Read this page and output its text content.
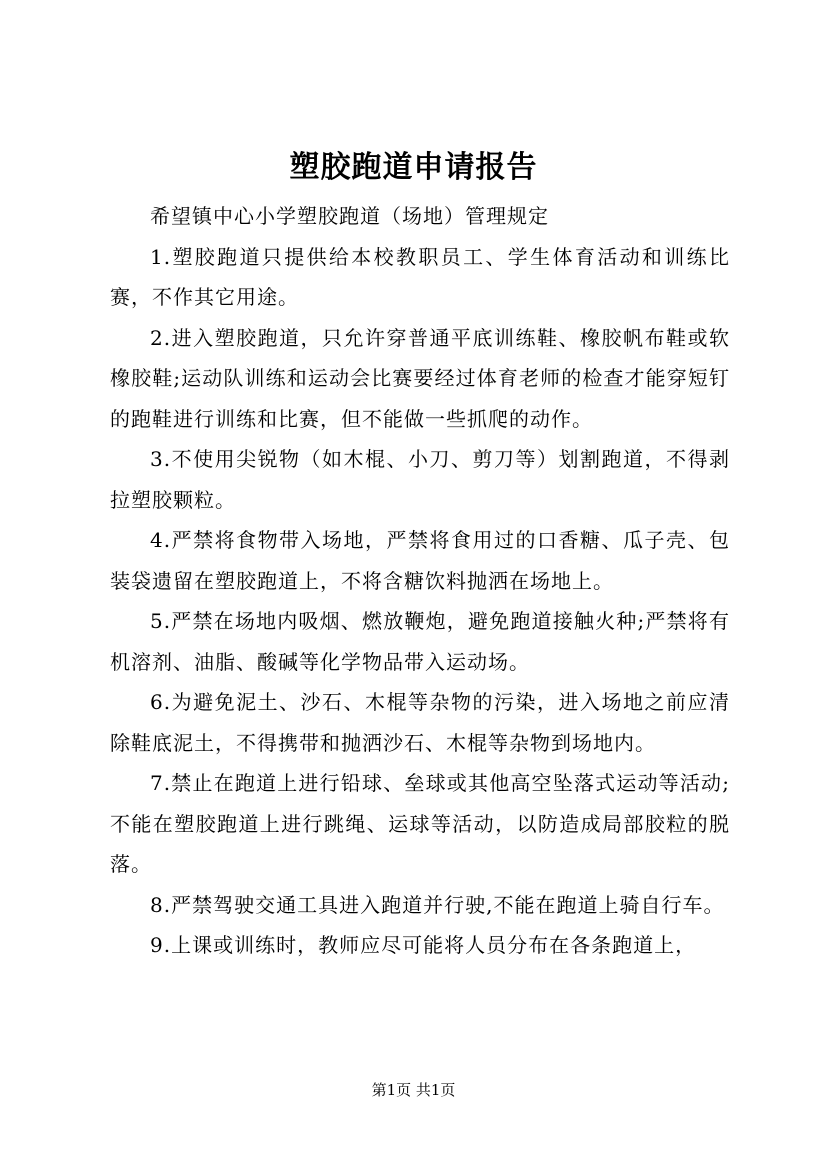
塑胶跑道申请报告

希望镇中心小学塑胶跑道（场地）管理规定

1.塑胶跑道只提供给本校教职员工、学生体育活动和训练比赛，不作其它用途。

2.进入塑胶跑道，只允许穿普通平底训练鞋、橡胶帆布鞋或软橡胶鞋;运动队训练和运动会比赛要经过体育老师的检查才能穿短钉的跑鞋进行训练和比赛，但不能做一些抓爬的动作。

3.不使用尖锐物（如木棍、小刀、剪刀等）划割跑道，不得剥拉塑胶颗粒。

4.严禁将食物带入场地，严禁将食用过的口香糖、瓜子壳、包装袋遗留在塑胶跑道上，不将含糖饮料抛洒在场地上。

5.严禁在场地内吸烟、燃放鞭炮，避免跑道接触火种;严禁将有机溶剂、油脂、酸碱等化学物品带入运动场。

6.为避免泥土、沙石、木棍等杂物的污染，进入场地之前应清除鞋底泥土，不得携带和抛洒沙石、木棍等杂物到场地内。

7.禁止在跑道上进行铅球、垒球或其他高空坠落式运动等活动;不能在塑胶跑道上进行跳绳、运球等活动，以防造成局部胶粒的脱落。

8.严禁驾驶交通工具进入跑道并行驶,不能在跑道上骑自行车。

9.上课或训练时，教师应尽可能将人员分布在各条跑道上，

第1页 共1页
